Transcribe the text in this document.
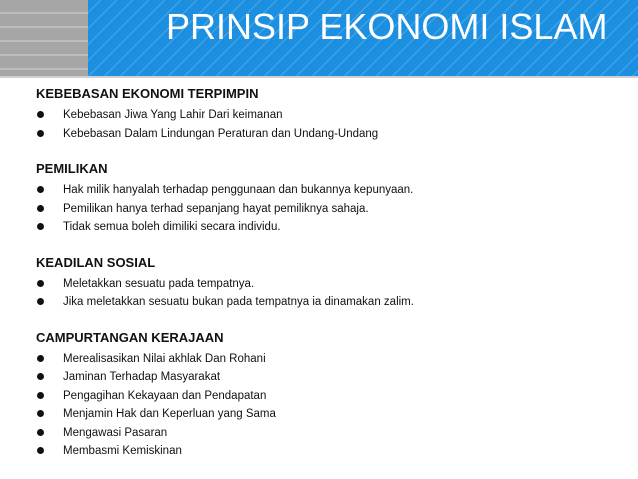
PRINSIP EKONOMI ISLAM
KEBEBASAN EKONOMI TERPIMPIN
Kebebasan Jiwa Yang Lahir Dari keimanan
Kebebasan Dalam Lindungan Peraturan dan Undang-Undang
PEMILIKAN
Hak milik hanyalah terhadap penggunaan dan bukannya kepunyaan.
Pemilikan hanya terhad sepanjang hayat pemiliknya sahaja.
Tidak semua boleh dimiliki secara individu.
KEADILAN SOSIAL
Meletakkan sesuatu pada tempatnya.
Jika meletakkan sesuatu bukan pada tempatnya ia dinamakan zalim.
CAMPURTANGAN KERAJAAN
Merealisasikan Nilai akhlak Dan Rohani
Jaminan Terhadap Masyarakat
Pengagihan Kekayaan dan Pendapatan
Menjamin Hak dan Keperluan yang Sama
Mengawasi Pasaran
Membasmi Kemiskinan
